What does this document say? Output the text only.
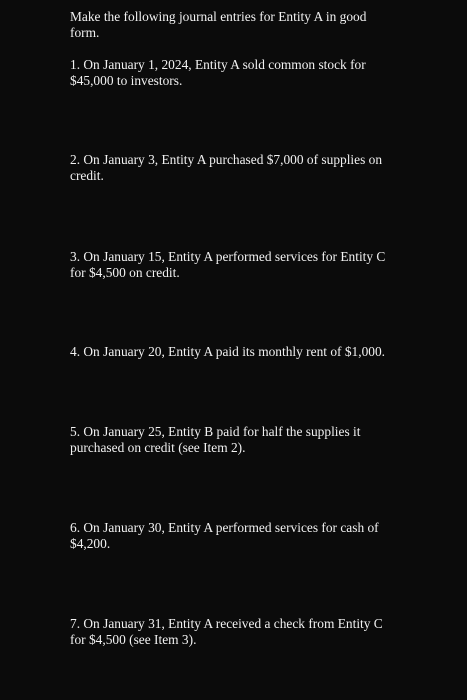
Make the following journal entries for Entity A in good
form.
1. On January 1, 2024, Entity A sold common stock for
$45,000 to investors.
2. On January 3, Entity A purchased $7,000 of supplies on
credit.
3. On January 15, Entity A performed services for Entity C
for $4,500 on credit.
4. On January 20, Entity A paid its monthly rent of $1,000.
5. On January 25, Entity B paid for half the supplies it
purchased on credit (see Item 2).
6. On January 30, Entity A performed services for cash of
$4,200.
7. On January 31, Entity A received a check from Entity C
for $4,500 (see Item 3).
